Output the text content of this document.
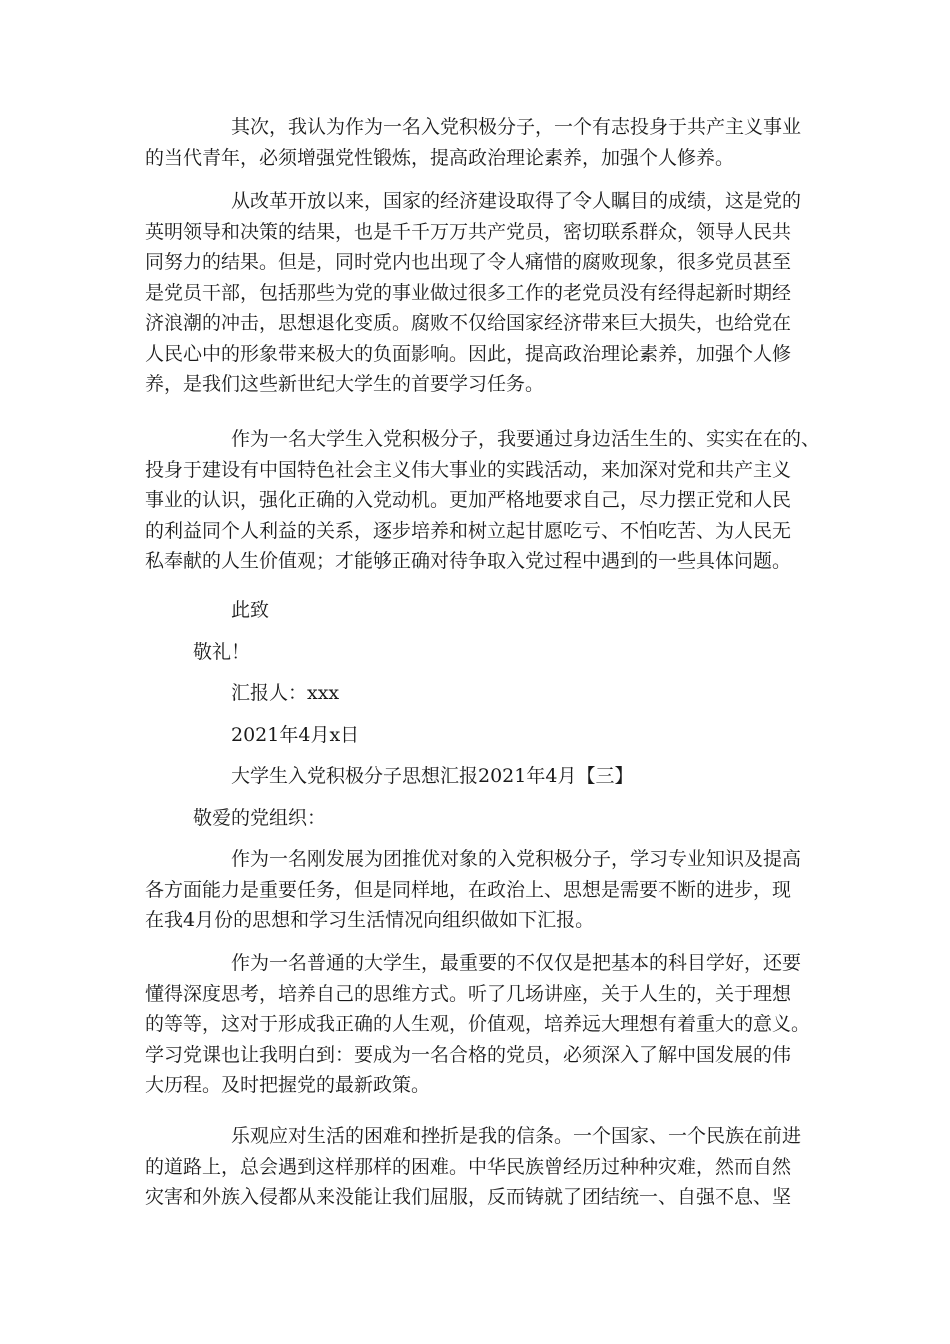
其次，我认为作为一名入党积极分子，一个有志投身于共产主义事业
的当代青年，必须增强党性锻炼，提高政治理论素养，加强个人修养。
从改革开放以来，国家的经济建设取得了令人瞩目的成绩，这是党的
英明领导和决策的结果，也是千千万万共产党员，密切联系群众，领导人民共
同努力的结果。但是，同时党内也出现了令人痛惜的腐败现象，很多党员甚至
是党员干部，包括那些为党的事业做过很多工作的老党员没有经得起新时期经
济浪潮的冲击，思想退化变质。腐败不仅给国家经济带来巨大损失，也给党在
人民心中的形象带来极大的负面影响。因此，提高政治理论素养，加强个人修
养，是我们这些新世纪大学生的首要学习任务。
作为一名大学生入党积极分子，我要通过身边活生生的、实实在在的、
投身于建设有中国特色社会主义伟大事业的实践活动，来加深对党和共产主义
事业的认识，强化正确的入党动机。更加严格地要求自己，尽力摆正党和人民
的利益同个人利益的关系，逐步培养和树立起甘愿吃亏、不怕吃苦、为人民无
私奉献的人生价值观；才能够正确对待争取入党过程中遇到的一些具体问题。
此致
敬礼！
汇报人：xxx
2021年4月x日
大学生入党积极分子思想汇报2021年4月【三】
敬爱的党组织：
作为一名刚发展为团推优对象的入党积极分子，学习专业知识及提高
各方面能力是重要任务，但是同样地，在政治上、思想是需要不断的进步，现
在我4月份的思想和学习生活情况向组织做如下汇报。
作为一名普通的大学生，最重要的不仅仅是把基本的科目学好，还要
懂得深度思考，培养自己的思维方式。听了几场讲座，关于人生的，关于理想
的等等，这对于形成我正确的人生观，价值观，培养远大理想有着重大的意义。
学习党课也让我明白到：要成为一名合格的党员，必须深入了解中国发展的伟
大历程。及时把握党的最新政策。
乐观应对生活的困难和挫折是我的信条。一个国家、一个民族在前进
的道路上，总会遇到这样那样的困难。中华民族曾经历过种种灾难，然而自然
灾害和外族入侵都从来没能让我们屈服，反而铸就了团结统一、自强不息、坚
